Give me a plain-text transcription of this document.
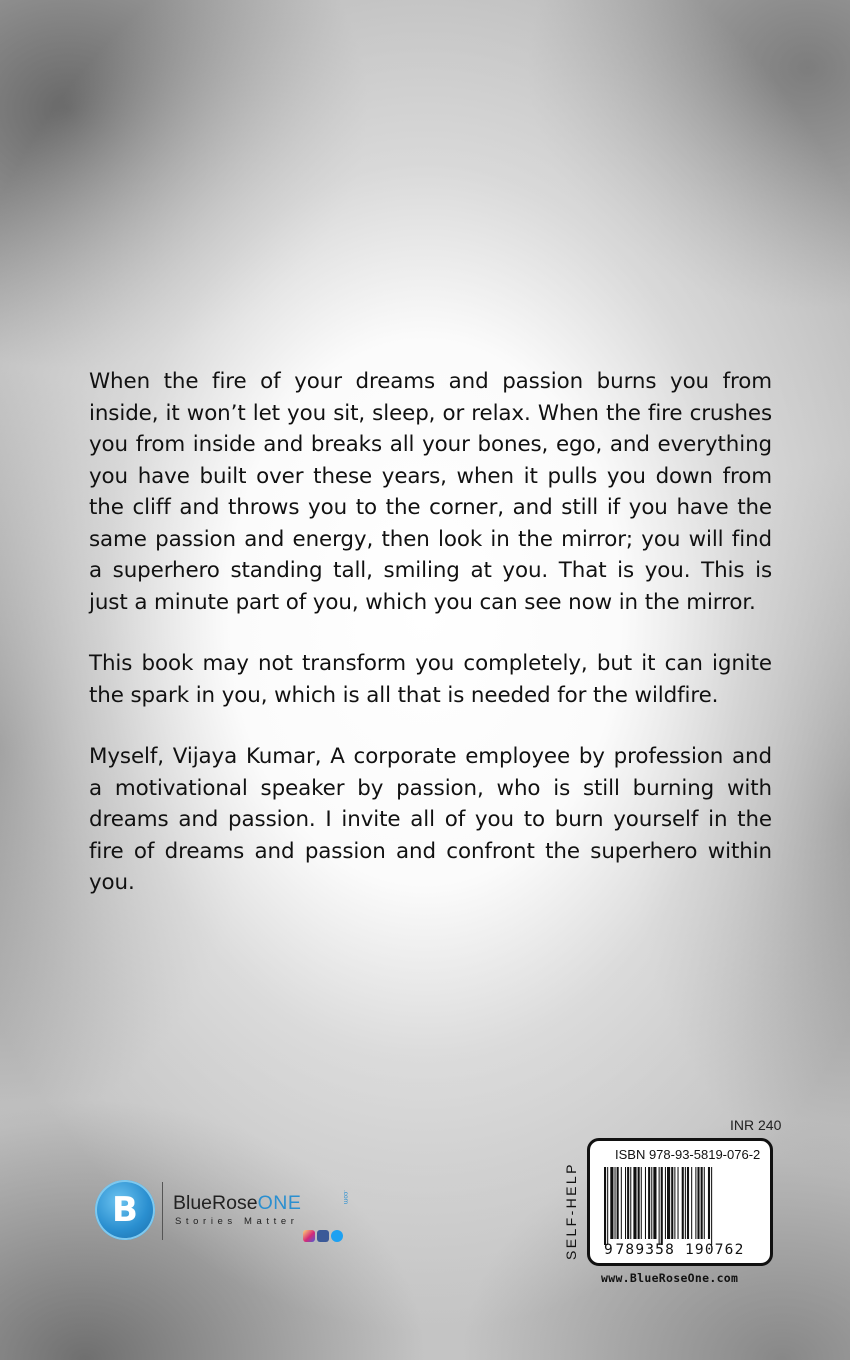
When the fire of your dreams and passion burns you from inside, it won’t let you sit, sleep, or relax. When the fire crushes you from inside and breaks all your bones, ego, and everything you have built over these years, when it pulls you down from the cliff and throws you to the corner, and still if you have the same passion and energy, then look in the mirror; you will find a superhero standing tall, smiling at you. That is you. This is just a minute part of you, which you can see now in the mirror.

This book may not transform you completely, but it can ignite the spark in you, which is all that is needed for the wildfire.

Myself, Vijaya Kumar, A corporate employee by profession and a motivational speaker by passion, who is still burning with dreams and passion. I invite all of you to burn yourself in the fire of dreams and passion and confront the superhero within you.

B	BlueRoseONE	.com
Stories Matter
INR 240
SELF-HELP
ISBN 978-93-5819-076-2
9 789358 190762
www.BlueRoseOne.com
